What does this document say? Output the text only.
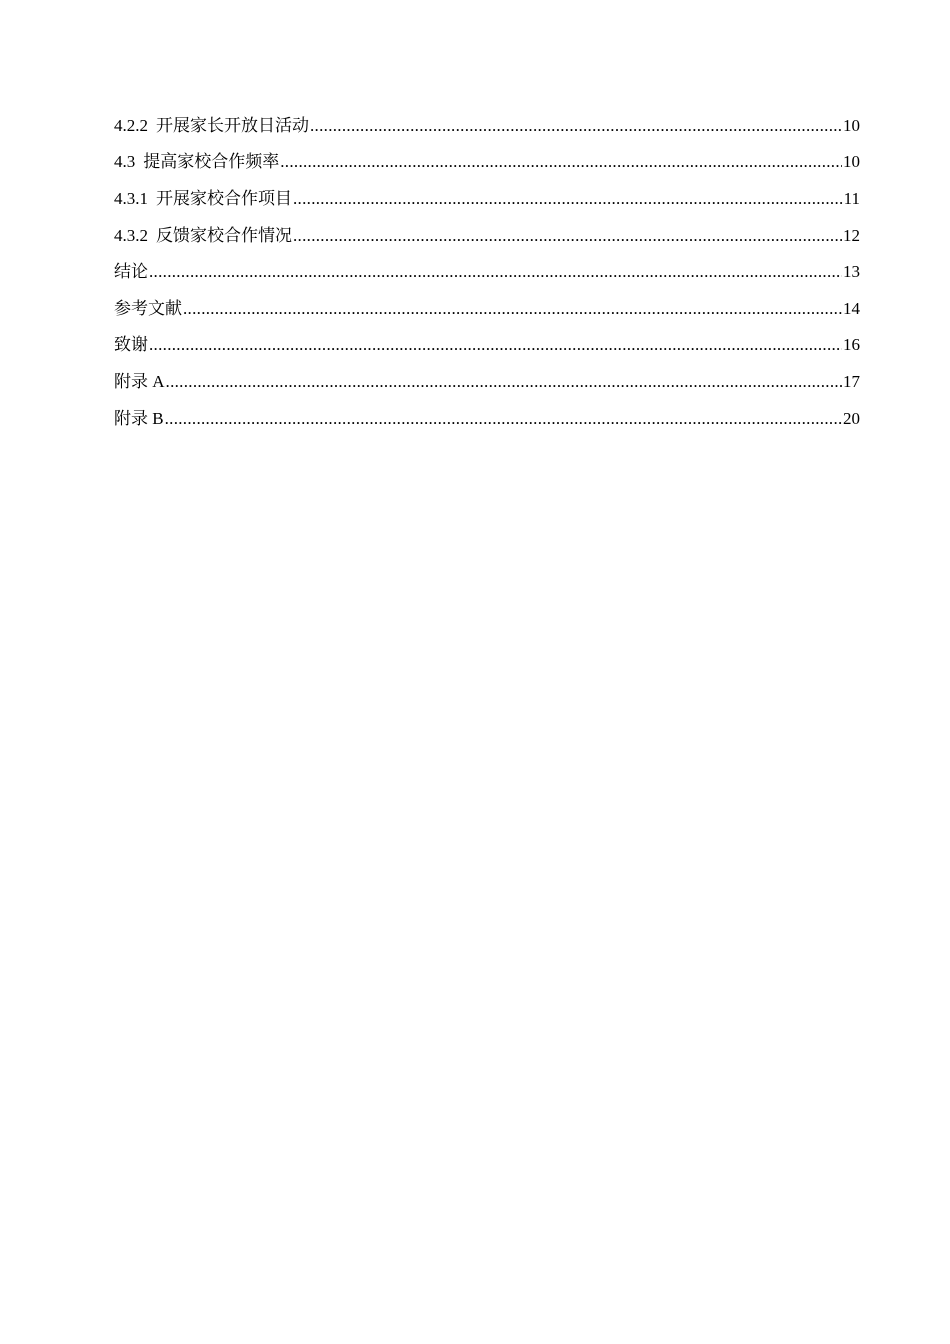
4.2.2 开展家长开放日活动 .....	10
4.3 提高家校合作频率 .....	10
4.3.1 开展家校合作项目 .....	11
4.3.2 反馈家校合作情况 .....	12
结论 .....	13
参考文献 .....	14
致谢 .....	16
附录 A .....	17
附录 B .....	20
